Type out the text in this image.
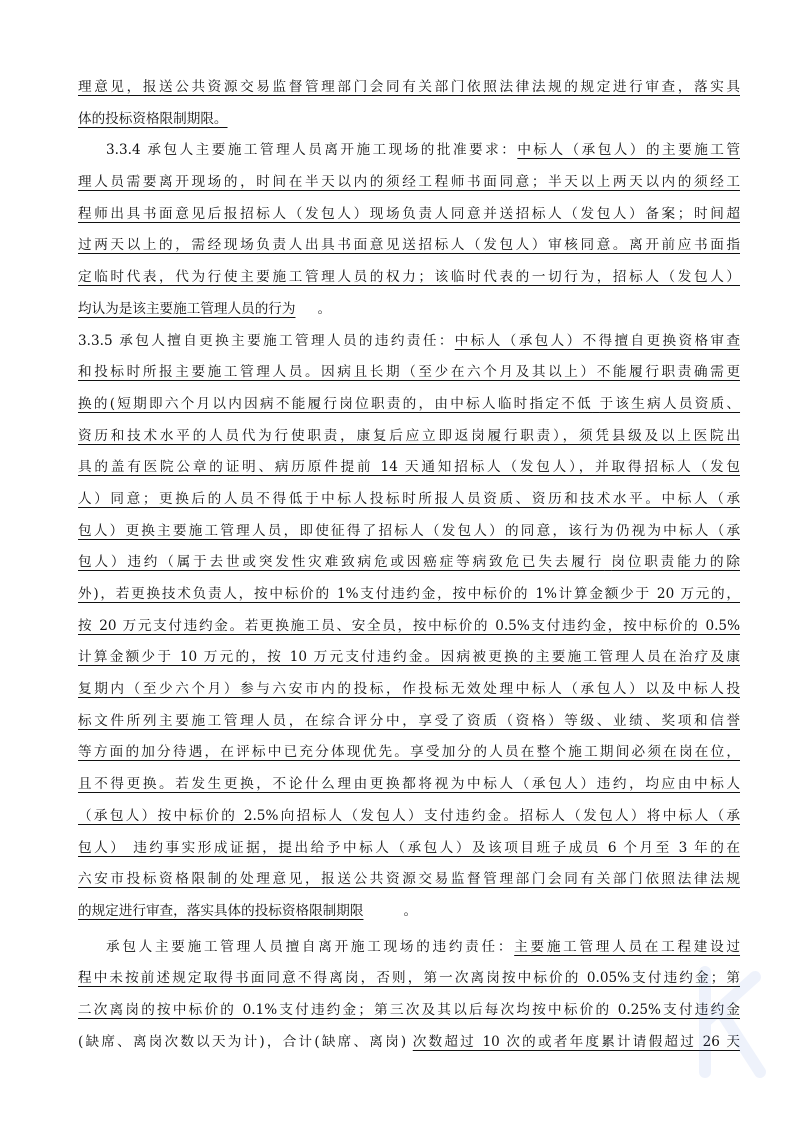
理意见，报送公共资源交易监督管理部门会同有关部门依照法律法规的规定进行审查，落实具
体的投标资格限制期限。
3.3.4 承包人主要施工管理人员离开施工现场的批准要求：中标人（承包人）的主要施工管
理人员需要离开现场的，时间在半天以内的须经工程师书面同意；半天以上两天以内的须经工
程师出具书面意见后报招标人（发包人）现场负责人同意并送招标人（发包人）备案；时间超
过两天以上的，需经现场负责人出具书面意见送招标人（发包人）审核同意。离开前应书面指
定临时代表，代为行使主要施工管理人员的权力；该临时代表的一切行为，招标人（发包人）
均认为是该主要施工管理人员的行为 。
3.3.5 承包人擅自更换主要施工管理人员的违约责任：中标人（承包人）不得擅自更换资格审查
和投标时所报主要施工管理人员。因病且长期（至少在六个月及其以上）不能履行职责确需更
换的(短期即六个月以内因病不能履行岗位职责的，由中标人临时指定不低 于该生病人员资质、
资历和技术水平的人员代为行使职责，康复后应立即返岗履行职责），须凭县级及以上医院出
具的盖有医院公章的证明、病历原件提前 14 天通知招标人（发包人），并取得招标人（发包
人）同意；更换后的人员不得低于中标人投标时所报人员资质、资历和技术水平。中标人（承
包人）更换主要施工管理人员，即使征得了招标人（发包人）的同意，该行为仍视为中标人（承
包人）违约（属于去世或突发性灾难致病危或因癌症等病致危已失去履行 岗位职责能力的除
外)，若更换技术负责人，按中标价的 1%支付违约金，按中标价的 1%计算金额少于 20 万元的，
按 20 万元支付违约金。若更换施工员、安全员，按中标价的 0.5%支付违约金，按中标价的 0.5%
计算金额少于 10 万元的，按 10 万元支付违约金。因病被更换的主要施工管理人员在治疗及康
复期内（至少六个月）参与六安市内的投标，作投标无效处理中标人（承包人）以及中标人投
标文件所列主要施工管理人员，在综合评分中，享受了资质（资格）等级、业绩、奖项和信誉
等方面的加分待遇，在评标中已充分体现优先。享受加分的人员在整个施工期间必须在岗在位，
且不得更换。若发生更换，不论什么理由更换都将视为中标人（承包人）违约，均应由中标人
（承包人）按中标价的 2.5%向招标人（发包人）支付违约金。招标人（发包人）将中标人（承
包人） 违约事实形成证据，提出给予中标人（承包人）及该项目班子成员 6 个月至 3 年的在
六安市投标资格限制的处理意见，报送公共资源交易监督管理部门会同有关部门依照法律法规
的规定进行审查，落实具体的投标资格限制期限	。
承包人主要施工管理人员擅自离开施工现场的违约责任：主要施工管理人员在工程建设过
程中未按前述规定取得书面同意不得离岗，否则，第一次离岗按中标价的 0.05%支付违约金；第
二次离岗的按中标价的 0.1%支付违约金；第三次及其以后每次均按中标价的 0.25%支付违约金
(缺席、离岗次数以天为计)，合计(缺席、离岗) 次数超过 10 次的或者年度累计请假超过 26 天
